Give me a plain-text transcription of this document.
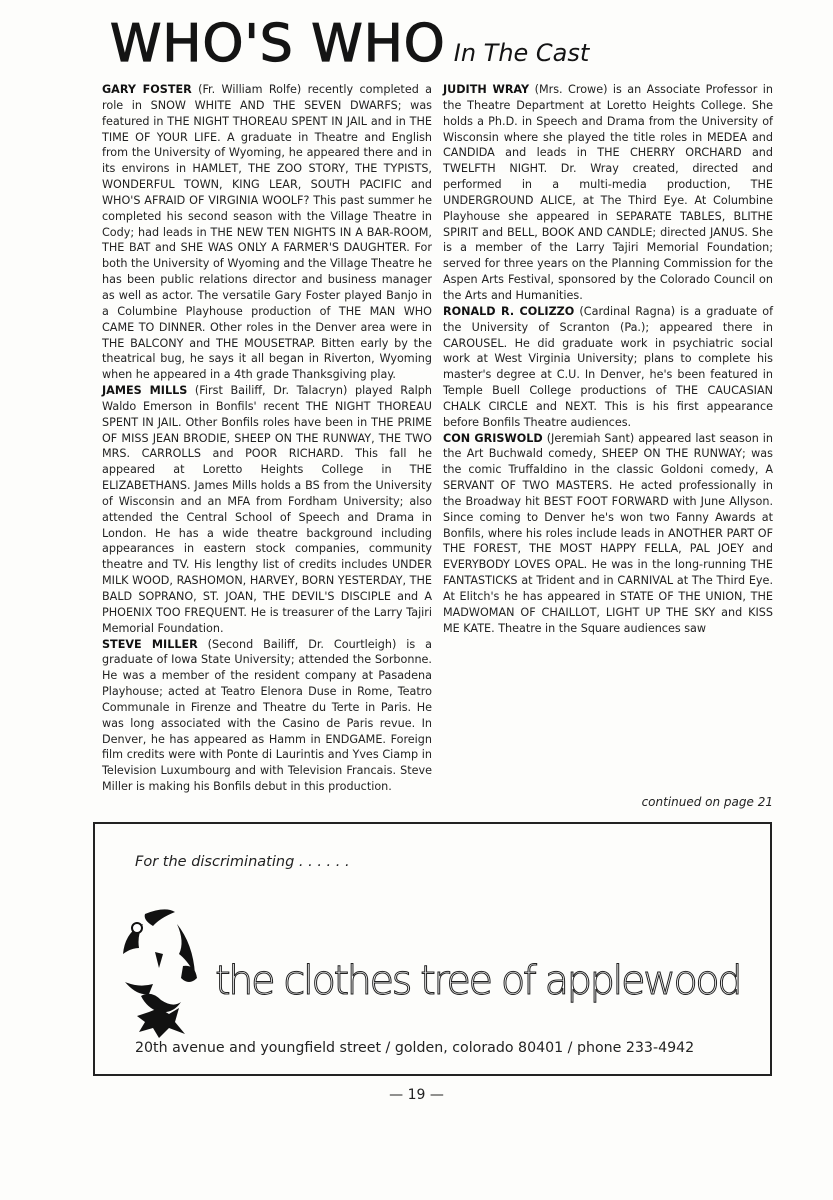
WHO'S WHO In The Cast

GARY FOSTER (Fr. William Rolfe) recently completed a role in SNOW WHITE AND THE SEVEN DWARFS; was featured in THE NIGHT THOREAU SPENT IN JAIL and in THE TIME OF YOUR LIFE. A graduate in Theatre and English from the University of Wyoming, he appeared there and in its environs in HAMLET, THE ZOO STORY, THE TYPISTS, WONDERFUL TOWN, KING LEAR, SOUTH PACIFIC and WHO'S AFRAID OF VIRGINIA WOOLF? This past summer he completed his second season with the Village Theatre in Cody; had leads in THE NEW TEN NIGHTS IN A BAR-ROOM, THE BAT and SHE WAS ONLY A FARMER'S DAUGHTER. For both the University of Wyoming and the Village Theatre he has been public relations director and business manager as well as actor. The versatile Gary Foster played Banjo in a Columbine Playhouse production of THE MAN WHO CAME TO DINNER. Other roles in the Denver area were in THE BALCONY and THE MOUSETRAP. Bitten early by the theatrical bug, he says it all began in Riverton, Wyoming when he appeared in a 4th grade Thanksgiving play.

JAMES MILLS (First Bailiff, Dr. Talacryn) played Ralph Waldo Emerson in Bonfils' recent THE NIGHT THOREAU SPENT IN JAIL. Other Bonfils roles have been in THE PRIME OF MISS JEAN BRODIE, SHEEP ON THE RUNWAY, THE TWO MRS. CARROLLS and POOR RICHARD. This fall he appeared at Loretto Heights College in THE ELIZABETHANS. James Mills holds a BS from the University of Wisconsin and an MFA from Fordham University; also attended the Central School of Speech and Drama in London. He has a wide theatre background including appearances in eastern stock companies, community theatre and TV. His lengthy list of credits includes UNDER MILK WOOD, RASHOMON, HARVEY, BORN YESTERDAY, THE BALD SOPRANO, ST. JOAN, THE DEVIL'S DISCIPLE and A PHOENIX TOO FREQUENT. He is treasurer of the Larry Tajiri Memorial Foundation.

STEVE MILLER (Second Bailiff, Dr. Courtleigh) is a graduate of Iowa State University; attended the Sorbonne. He was a member of the resident company at Pasadena Playhouse; acted at Teatro Elenora Duse in Rome, Teatro Communale in Firenze and Theatre du Terte in Paris. He was long associated with the Casino de Paris revue. In Denver, he has appeared as Hamm in ENDGAME. Foreign film credits were with Ponte di Laurintis and Yves Ciamp in Television Luxumbourg and with Television Francais. Steve Miller is making his Bonfils debut in this production.

JUDITH WRAY (Mrs. Crowe) is an Associate Professor in the Theatre Department at Loretto Heights College. She holds a Ph.D. in Speech and Drama from the University of Wisconsin where she played the title roles in MEDEA and CANDIDA and leads in THE CHERRY ORCHARD and TWELFTH NIGHT. Dr. Wray created, directed and performed in a multi-media production, THE UNDERGROUND ALICE, at The Third Eye. At Columbine Playhouse she appeared in SEPARATE TABLES, BLITHE SPIRIT and BELL, BOOK AND CANDLE; directed JANUS. She is a member of the Larry Tajiri Memorial Foundation; served for three years on the Planning Commission for the Aspen Arts Festival, sponsored by the Colorado Council on the Arts and Humanities.

RONALD R. COLIZZO (Cardinal Ragna) is a graduate of the University of Scranton (Pa.); appeared there in CAROUSEL. He did graduate work in psychiatric social work at West Virginia University; plans to complete his master's degree at C.U. In Denver, he's been featured in Temple Buell College productions of THE CAUCASIAN CHALK CIRCLE and NEXT. This is his first appearance before Bonfils Theatre audiences.

CON GRISWOLD (Jeremiah Sant) appeared last season in the Art Buchwald comedy, SHEEP ON THE RUNWAY; was the comic Truffaldino in the classic Goldoni comedy, A SERVANT OF TWO MASTERS. He acted professionally in the Broadway hit BEST FOOT FORWARD with June Allyson. Since coming to Denver he's won two Fanny Awards at Bonfils, where his roles include leads in ANOTHER PART OF THE FOREST, THE MOST HAPPY FELLA, PAL JOEY and EVERYBODY LOVES OPAL. He was in the long-running THE FANTASTICKS at Trident and in CARNIVAL at The Third Eye. At Elitch's he has appeared in STATE OF THE UNION, THE MADWOMAN OF CHAILLOT, LIGHT UP THE SKY and KISS ME KATE. Theatre in the Square audiences saw

continued on page 21
For the discriminating . . . . . .
the clothes tree of applewood
20th avenue and youngfield street / golden, colorado 80401 / phone 233-4942
— 19 —
